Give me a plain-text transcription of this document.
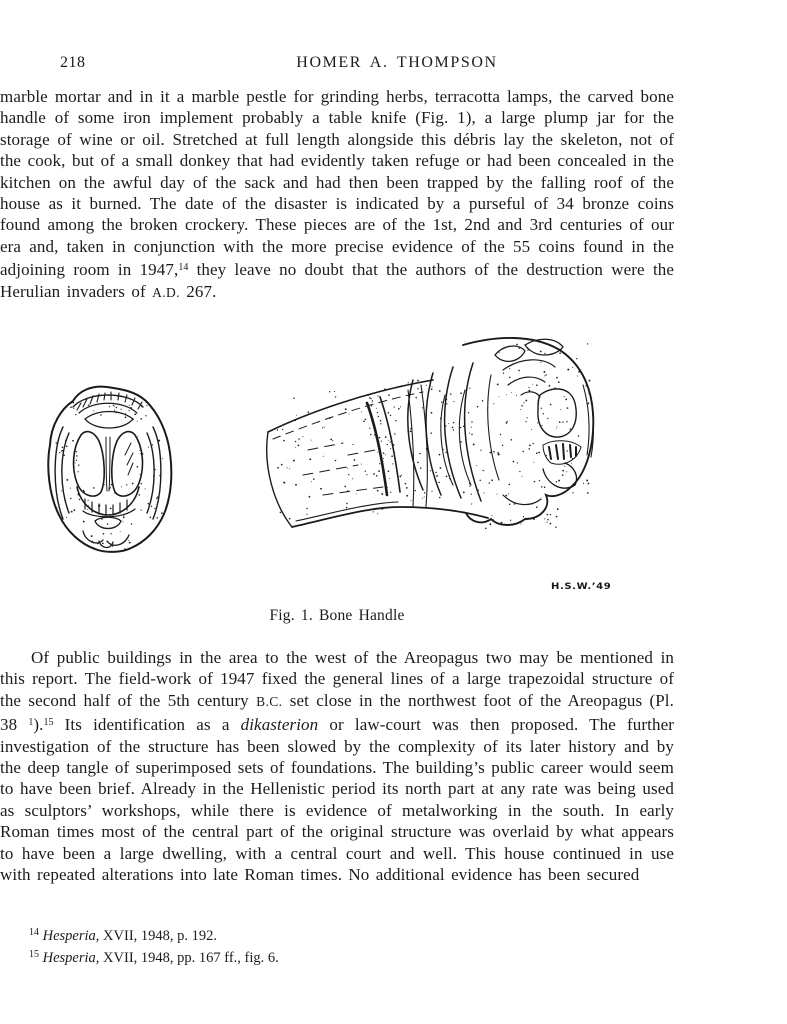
218	HOMER A. THOMPSON
marble mortar and in it a marble pestle for grinding herbs, terracotta lamps, the carved bone handle of some iron implement probably a table knife (Fig. 1), a large plump jar for the storage of wine or oil. Stretched at full length alongside this débris lay the skeleton, not of the cook, but of a small donkey that had evidently taken refuge or had been concealed in the kitchen on the awful day of the sack and had then been trapped by the falling roof of the house as it burned. The date of the disaster is indicated by a purseful of 34 bronze coins found among the broken crockery. These pieces are of the 1st, 2nd and 3rd centuries of our era and, taken in conjunction with the more precise evidence of the 55 coins found in the adjoining room in 1947,14 they leave no doubt that the authors of the destruction were the Herulian invaders of A.D. 267.
H.S.W.’49
Fig. 1. Bone Handle
Of public buildings in the area to the west of the Areopagus two may be mentioned in this report. The field-work of 1947 fixed the general lines of a large trapezoidal structure of the second half of the 5th century B.C. set close in the northwest foot of the Areopagus (Pl. 38 $^1$).$^{15}$ Its identification as a dikasterion or law-court was then proposed. The further investigation of the structure has been slowed by the complexity of its later history and by the deep tangle of superimposed sets of foundations. The building’s public career would seem to have been brief. Already in the Hellenistic period its north part at any rate was being used as sculptors’ workshops, while there is evidence of metalworking in the south. In early Roman times most of the central part of the original structure was overlaid by what appears to have been a large dwelling, with a central court and well. This house continued in use with repeated alterations into late Roman times. No additional evidence has been secured
$^{14}$ Hesperia, XVII, 1948, p. 192.
$^{15}$ Hesperia, XVII, 1948, pp. 167 ff., fig. 6.
